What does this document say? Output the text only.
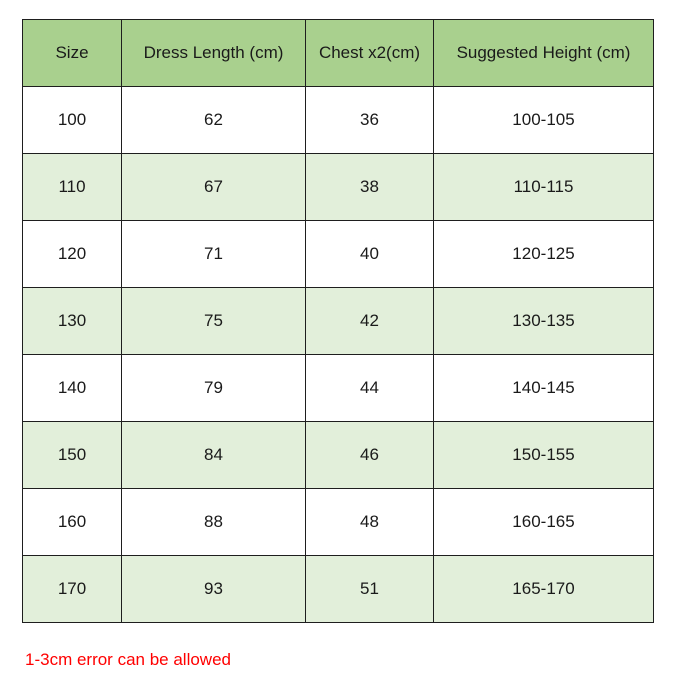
Size	Dress Length (cm)	Chest x2(cm)	Suggested Height (cm)
100	62	36	100-105
110	67	38	110-115
120	71	40	120-125
130	75	42	130-135
140	79	44	140-145
150	84	46	150-155
160	88	48	160-165
170	93	51	165-170
1-3cm error can be allowed
